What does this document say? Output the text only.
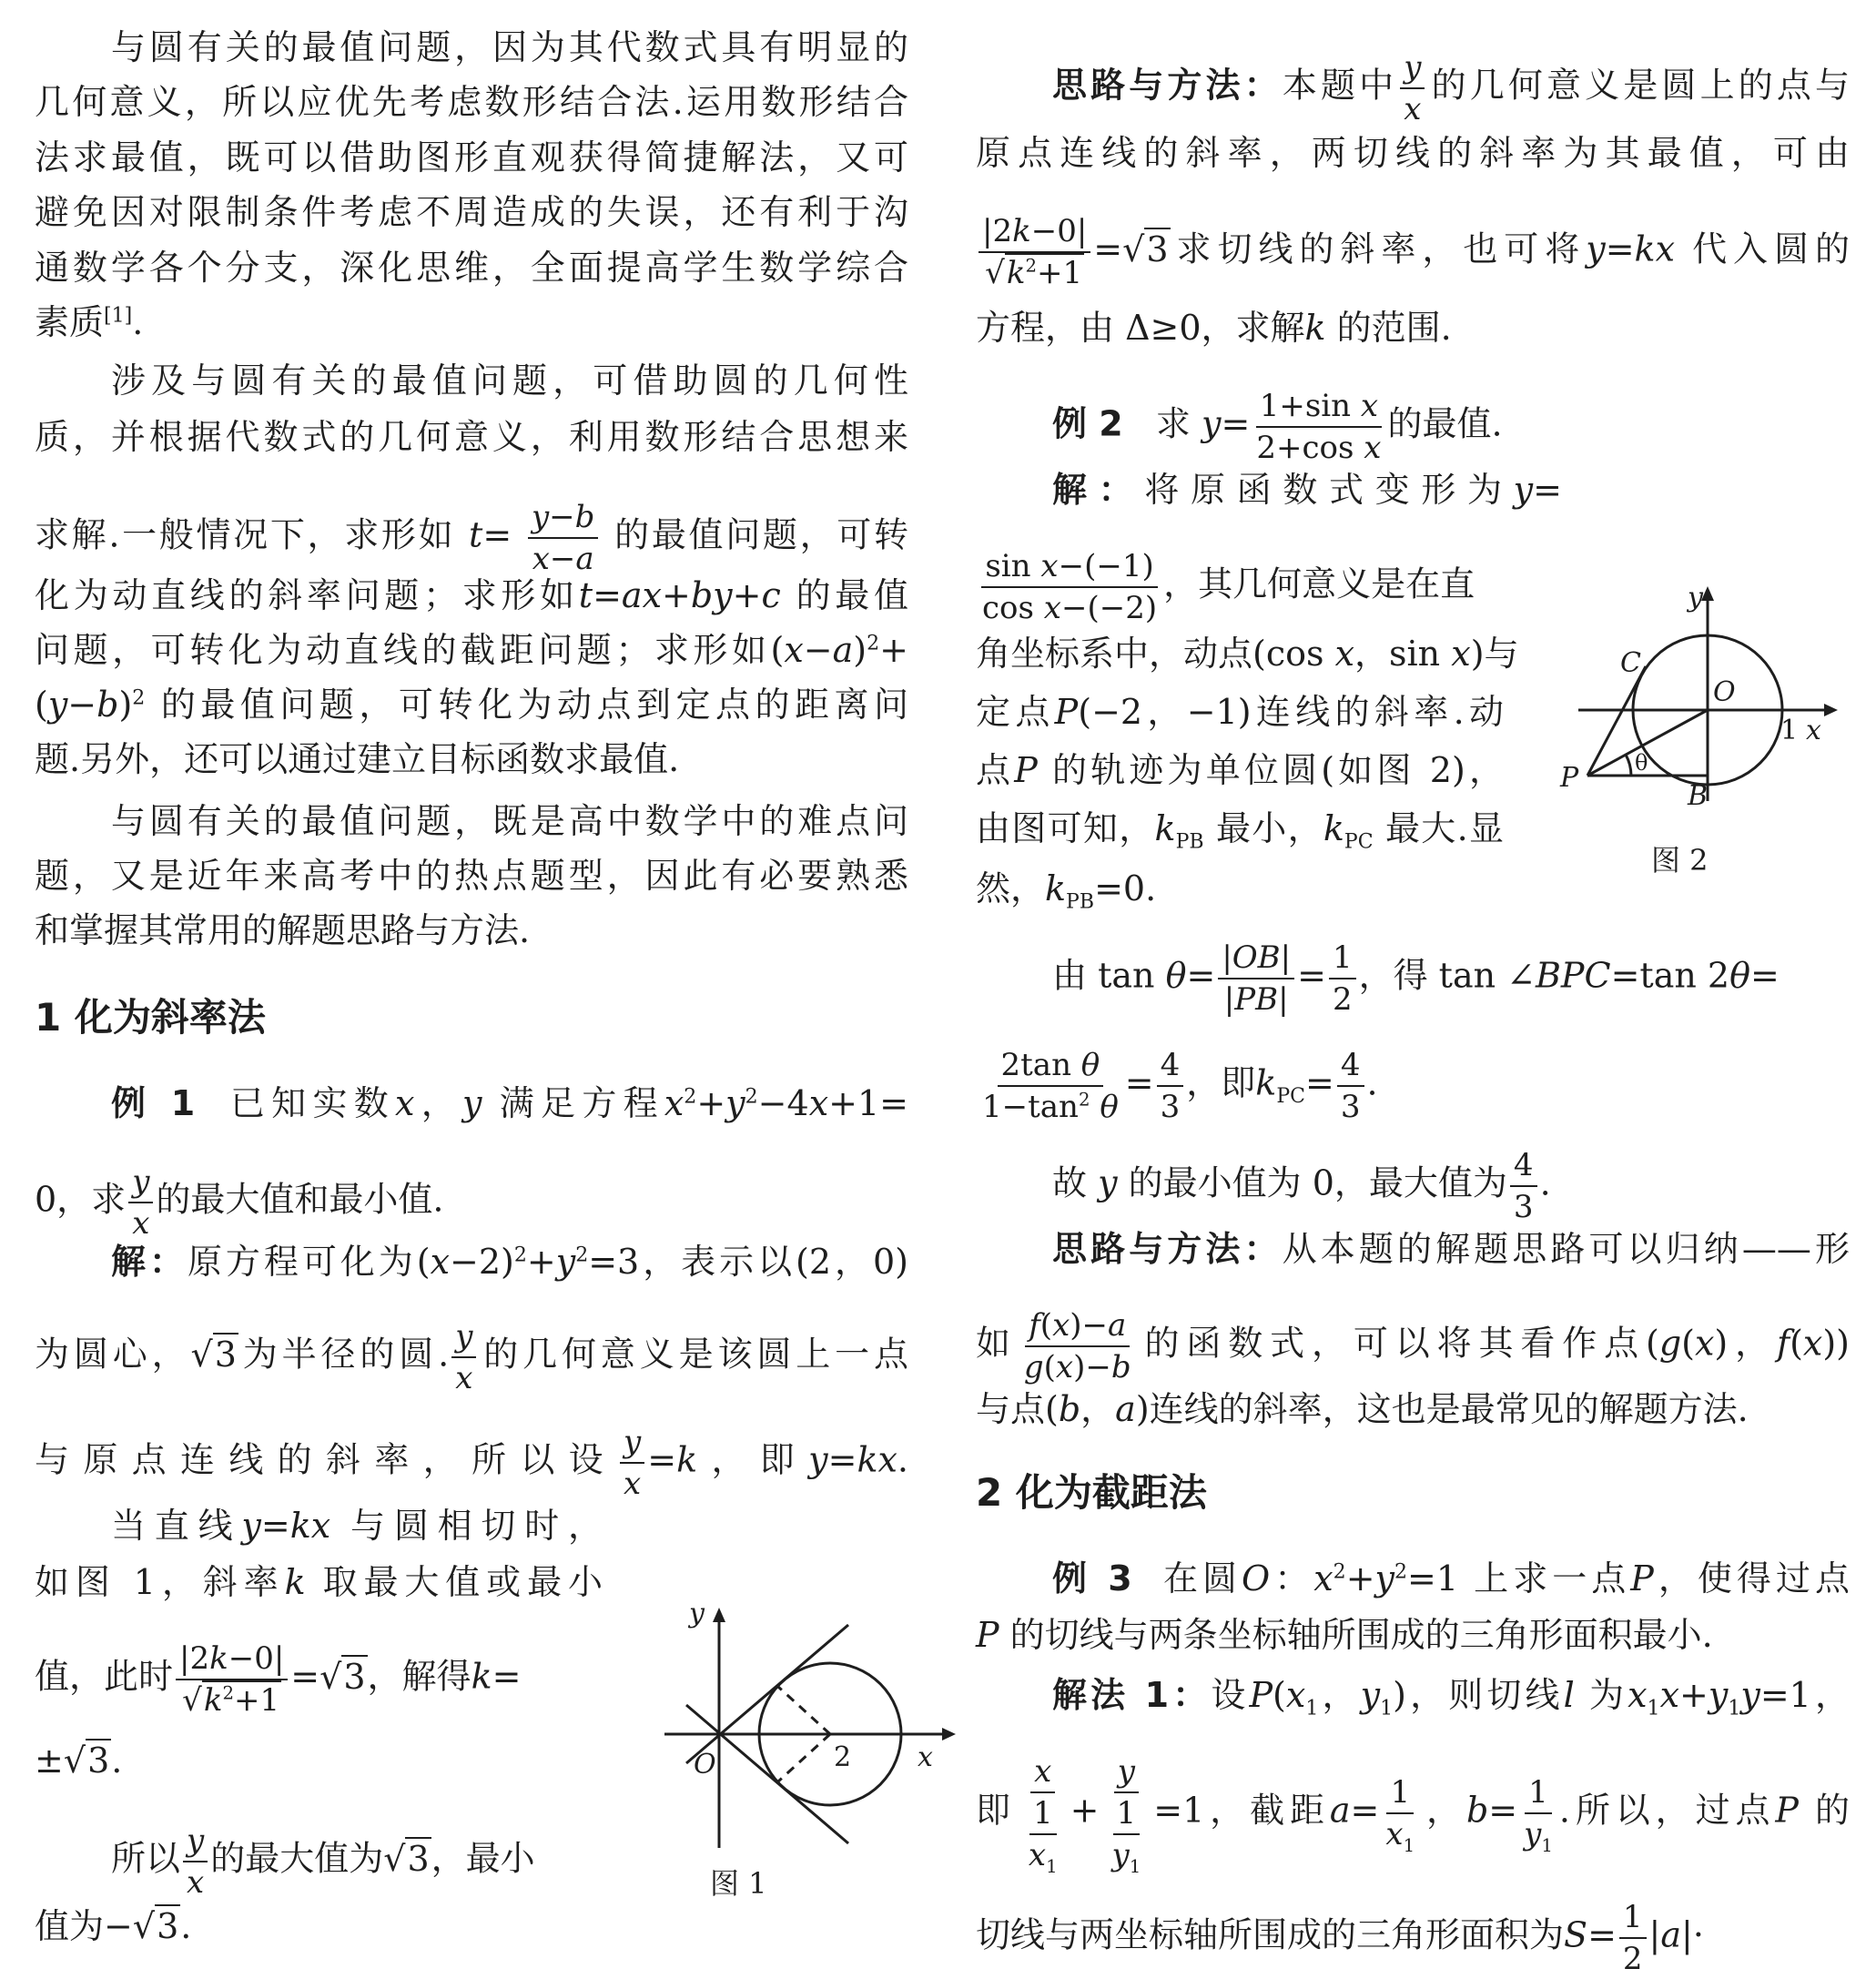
与圆有关的最值问题，因为其代数式具有明显的
几何意义，所以应优先考虑数形结合法.运用数形结合
法求最值，既可以借助图形直观获得简捷解法，又可
避免因对限制条件考虑不周造成的失误，还有利于沟
通数学各个分支，深化思维，全面提高学生数学综合
素质[1].
涉及与圆有关的最值问题，可借助圆的几何性
质，并根据代数式的几何意义，利用数形结合思想来
求解.一般情况下，求形如 $t= \frac{y-b}{x-a}$ 的最值问题，可转
化为动直线的斜率问题；求形如t=ax+by+c 的最值
问题，可转化为动直线的截距问题；求形如$(x-a)^2+$
$(y-b)^2$ 的最值问题，可转化为动点到定点的距离问
题.另外，还可以通过建立目标函数求最值.
与圆有关的最值问题，既是高中数学中的难点问
题，又是近年来高考中的热点题型，因此有必要熟悉
和掌握其常用的解题思路与方法.
1 化为斜率法
例 1 已知实数x，y 满足方程$x^2+y^2-4x+1=$
0，求 $\frac{y}{x}$ 的最大值和最小值.
解：原方程可化为$(x-2)^2+y^2=3$，表示以(2，0)
为圆心，√3为半径的圆. $\frac{y}{x}$ 的几何意义是该圆上一点
与原点连线的斜率，所以设 $\frac{y}{x} =k$，即y=kx.
当直线y=kx 与圆相切时，
如图 1，斜率k 取最大值或最小
值，此时 $\frac{|2k-0|}{√k^2+1} =√3$，解得k=
±√3.
所以 $\frac{y}{x}$ 的最大值为√3，最小
值为−√3.
y
O	2 x
图 1
思路与方法：本题中 $\frac{y}{x}$ 的几何意义是圆上的点与
原点连线的斜率，两切线的斜率为其最值，可由
$\frac{|2k-0|}{√k^2+1} =√3$求切线的斜率，也可将y=kx 代入圆的
方程，由 Δ≥0，求解k 的范围.
例 2 求 $y= \frac{\text{1+sin x}}{\text{2+cos x}}$ 的最值.
解：将原函数式变形为y=
$\frac{\text{sin x−(−1)}}{\text{cos x−(−2)}}$ ，其几何意义是在直
角坐标系中，动点(cos x，sin x)与
定点P(−2，−1)连线的斜率.动
点P 的轨迹为单位圆(如图 2)，
由图可知，$k_{PB}$ 最小，$k_{PC}$ 最大.显
然，$k_{PB}=0$.
y
C
O
1 x
P	θ
B
图 2
由 $\tan \theta= \frac{|OB|}{|PB|} = \frac{1}{2}$ ，得 tan ∠BPC=tan 2θ=
$\frac{\text{2tan θ}}{1-\tan^2 \theta} = \frac{4}{3}$ ，即$k_{PC}= \frac{4}{3}$ .
故 y 的最小值为 0，最大值为 $\frac{4}{3}$ .
思路与方法：从本题的解题思路可以归纳——形
如 $\frac{f(x)-a}{g(x)-b}$ 的函数式，可以将其看作点(g(x)，f(x))
与点(b，a)连线的斜率，这也是最常见的解题方法.
2 化为截距法
例 3 在圆O：$x^2+y^2=1$ 上求一点P，使得过点
P 的切线与两条坐标轴所围成的三角形面积最小.
解法 1：设$P(x_1$，$y_1$)，则切线l 为$x_1x+y_1y=1$，
即 $\frac{x}{\frac{1}{x_1}} + \frac{y}{\frac{1}{y_1}} =1$，截距$a= \frac{1}{x_1}$ ，$b= \frac{1}{y_1}$ .所以，过点P 的
切线与两坐标轴所围成的三角形面积为$S= \frac{1}{2} |a|\cdot$
